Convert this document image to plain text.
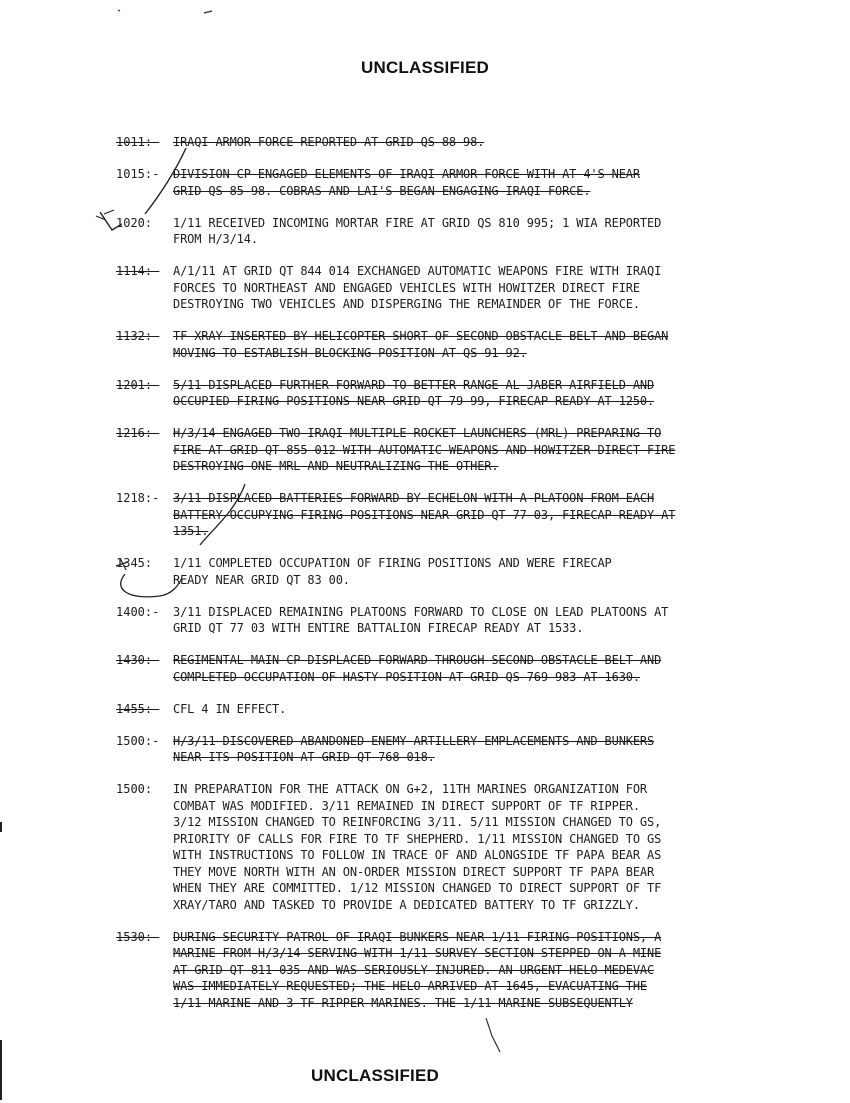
UNCLASSIFIED
1011:- IRAQI ARMOR FORCE REPORTED AT GRID QS 88 98.
1015:- DIVISION CP ENGAGED ELEMENTS OF IRAQI ARMOR FORCE WITH AT 4'S NEAR
GRID QS 85 98. COBRAS AND LAI'S BEGAN ENGAGING IRAQI FORCE.
1020: 1/11 RECEIVED INCOMING MORTAR FIRE AT GRID QS 810 995; 1 WIA REPORTED
FROM H/3/14.
1114:- A/1/11 AT GRID QT 844 014 EXCHANGED AUTOMATIC WEAPONS FIRE WITH IRAQI
FORCES TO NORTHEAST AND ENGAGED VEHICLES WITH HOWITZER DIRECT FIRE
DESTROYING TWO VEHICLES AND DISPERGING THE REMAINDER OF THE FORCE.
1132:- TF XRAY INSERTED BY HELICOPTER SHORT OF SECOND OBSTACLE BELT AND BEGAN
MOVING TO ESTABLISH BLOCKING POSITION AT QS 91 92.
1201:- 5/11 DISPLACED FURTHER FORWARD TO BETTER RANGE AL JABER AIRFIELD AND
OCCUPIED FIRING POSITIONS NEAR GRID QT 79 99, FIRECAP READY AT 1250.
1216:- H/3/14 ENGAGED TWO IRAQI MULTIPLE ROCKET LAUNCHERS (MRL) PREPARING TO
FIRE AT GRID QT 855 012 WITH AUTOMATIC WEAPONS AND HOWITZER DIRECT FIRE
DESTROYING ONE MRL AND NEUTRALIZING THE OTHER.
1218:- 3/11 DISPLACED BATTERIES FORWARD BY ECHELON WITH A PLATOON FROM EACH
BATTERY OCCUPYING FIRING POSITIONS NEAR GRID QT 77 03, FIRECAP READY AT
1351.
1345: 1/11 COMPLETED OCCUPATION OF FIRING POSITIONS AND WERE FIRECAP
READY NEAR GRID QT 83 00.
1400:- 3/11 DISPLACED REMAINING PLATOONS FORWARD TO CLOSE ON LEAD PLATOONS AT
GRID QT 77 03 WITH ENTIRE BATTALION FIRECAP READY AT 1533.
1430:- REGIMENTAL MAIN CP DISPLACED FORWARD THROUGH SECOND OBSTACLE BELT AND
COMPLETED OCCUPATION OF HASTY POSITION AT GRID QS 769 983 AT 1630.
1455:- CFL 4 IN EFFECT.
1500:- H/3/11 DISCOVERED ABANDONED ENEMY ARTILLERY EMPLACEMENTS AND BUNKERS
NEAR ITS POSITION AT GRID QT 768 018.
1500: IN PREPARATION FOR THE ATTACK ON G+2, 11TH MARINES ORGANIZATION FOR
COMBAT WAS MODIFIED. 3/11 REMAINED IN DIRECT SUPPORT OF TF RIPPER.
3/12 MISSION CHANGED TO REINFORCING 3/11. 5/11 MISSION CHANGED TO GS,
PRIORITY OF CALLS FOR FIRE TO TF SHEPHERD. 1/11 MISSION CHANGED TO GS
WITH INSTRUCTIONS TO FOLLOW IN TRACE OF AND ALONGSIDE TF PAPA BEAR AS
THEY MOVE NORTH WITH AN ON-ORDER MISSION DIRECT SUPPORT TF PAPA BEAR
WHEN THEY ARE COMMITTED. 1/12 MISSION CHANGED TO DIRECT SUPPORT OF TF
XRAY/TARO AND TASKED TO PROVIDE A DEDICATED BATTERY TO TF GRIZZLY.
1530:- DURING SECURITY PATROL OF IRAQI BUNKERS NEAR 1/11 FIRING POSITIONS, A
MARINE FROM H/3/14 SERVING WITH 1/11 SURVEY SECTION STEPPED ON A MINE
AT GRID QT 811 035 AND WAS SERIOUSLY INJURED. AN URGENT HELO MEDEVAC
WAS IMMEDIATELY REQUESTED; THE HELO ARRIVED AT 1645, EVACUATING THE
1/11 MARINE AND 3 TF RIPPER MARINES. THE 1/11 MARINE SUBSEQUENTLY
UNCLASSIFIED
